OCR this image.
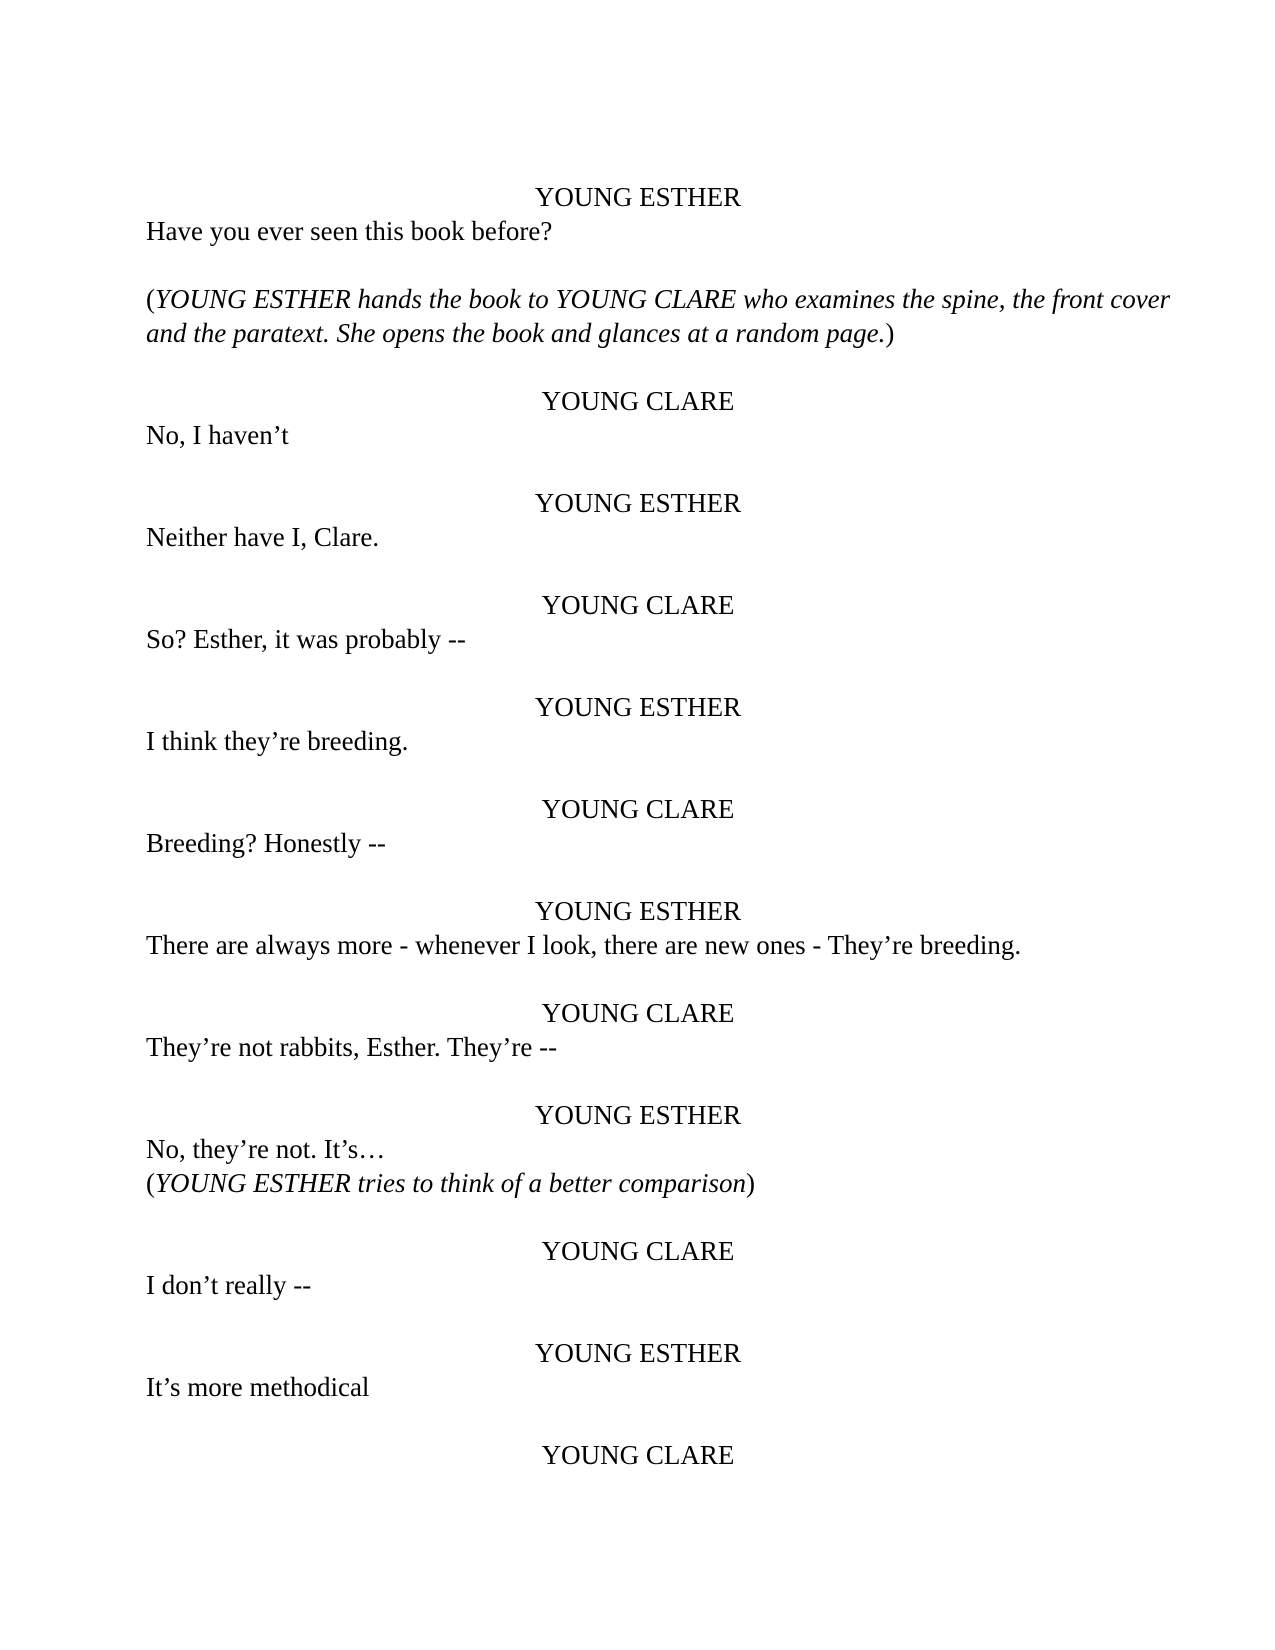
YOUNG ESTHER

Have you ever seen this book before?

(YOUNG ESTHER hands the book to YOUNG CLARE who examines the spine, the front cover
and the paratext. She opens the book and glances at a random page.)

YOUNG CLARE

No, I haven’t

YOUNG ESTHER

Neither have I, Clare.

YOUNG CLARE

So? Esther, it was probably --

YOUNG ESTHER

I think they’re breeding.

YOUNG CLARE

Breeding? Honestly --

YOUNG ESTHER

There are always more - whenever I look, there are new ones - They’re breeding.

YOUNG CLARE

They’re not rabbits, Esther. They’re --

YOUNG ESTHER

No, they’re not. It’s…

(YOUNG ESTHER tries to think of a better comparison)

YOUNG CLARE

I don’t really --

YOUNG ESTHER

It’s more methodical

YOUNG CLARE
